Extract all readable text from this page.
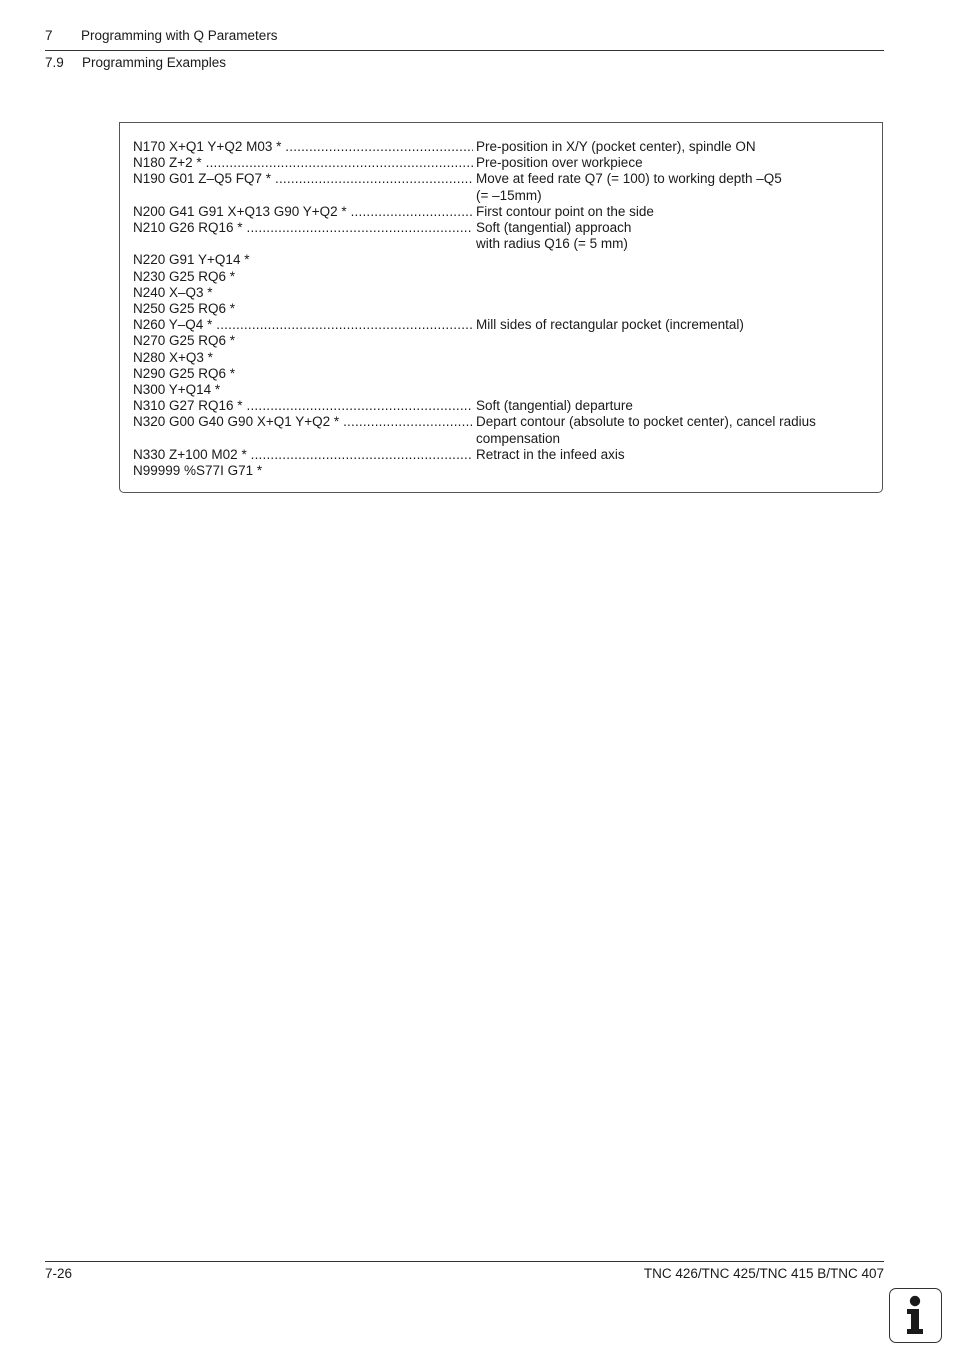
7 Programming with Q Parameters
7.9 Programming Examples
N170 X+Q1 Y+Q2 M03 * .....	Pre-position in X/Y (pocket center), spindle ON
N180 Z+2 * .....	Pre-position over workpiece
N190 G01 Z–Q5 FQ7 * .....	Move at feed rate Q7 (= 100) to working depth –Q5

(= –15mm)
N200 G41 G91 X+Q13 G90 Y+Q2 * .....	First contour point on the side
N210 G26 RQ16 * .....	Soft (tangential) approach

with radius Q16 (= 5 mm)
N220 G91 Y+Q14 *
N230 G25 RQ6 *
N240 X–Q3 *
N250 G25 RQ6 *
N260 Y–Q4 * .....	Mill sides of rectangular pocket (incremental)
N270 G25 RQ6 *
N280 X+Q3 *
N290 G25 RQ6 *
N300 Y+Q14 *
N310 G27 RQ16 * .....	Soft (tangential) departure
N320 G00 G40 G90 X+Q1 Y+Q2 * .....	Depart contour (absolute to pocket center), cancel radius

compensation
N330 Z+100 M02 * .....	Retract in the infeed axis
N99999 %S77I G71 *
7-26	TNC 426/TNC 425/TNC 415 B/TNC 407
